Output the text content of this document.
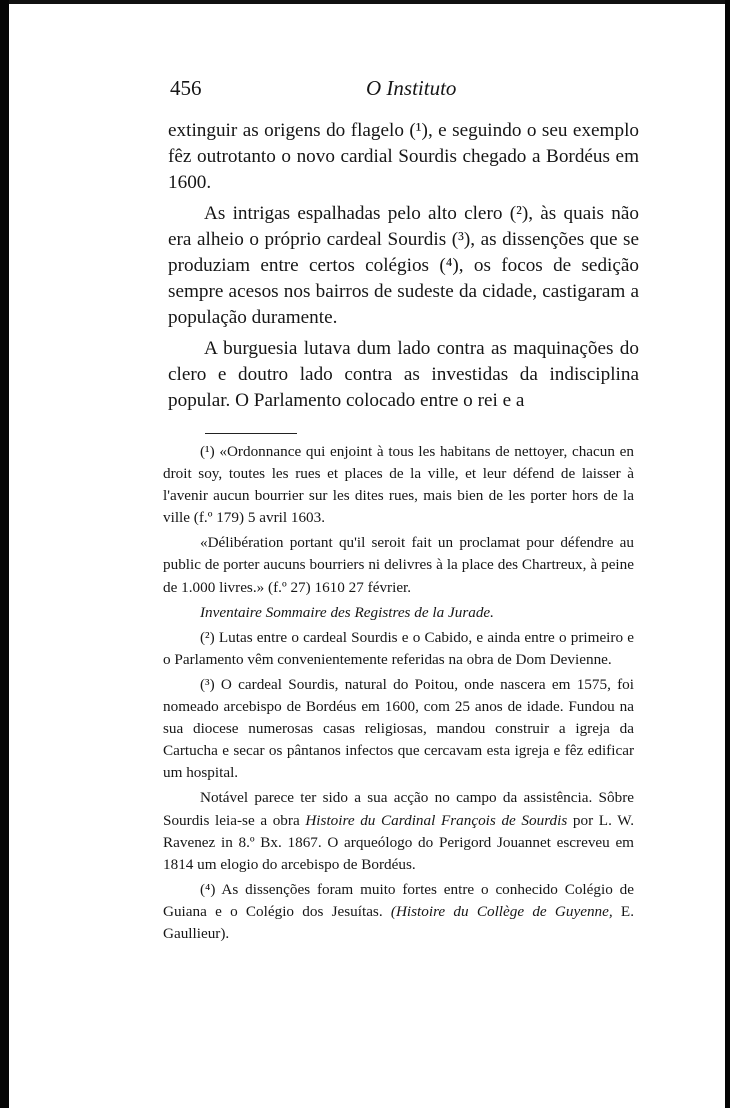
456	O Instituto

extinguir as origens do flagelo (¹), e seguindo o seu exemplo fêz outrotanto o novo cardial Sourdis chegado a Bordéus em 1600.

As intrigas espalhadas pelo alto clero (²), às quais não era alheio o próprio cardeal Sourdis (³), as dissenções que se produziam entre certos colégios (⁴), os focos de sedição sempre acesos nos bairros de sudeste da cidade, castigaram a população duramente.

A burguesia lutava dum lado contra as maquinações do clero e doutro lado contra as investidas da indisciplina popular. O Parlamento colocado entre o rei e a

(¹) «Ordonnance qui enjoint à tous les habitans de nettoyer, chacun en droit soy, toutes les rues et places de la ville, et leur défend de laisser à l'avenir aucun bourrier sur les dites rues, mais bien de les porter hors de la ville (f.º 179) 5 avril 1603.

«Délibération portant qu'il seroit fait un proclamat pour défendre au public de porter aucuns bourriers ni delivres à la place des Chartreux, à peine de 1.000 livres.» (f.º 27) 1610 27 février.

Inventaire Sommaire des Registres de la Jurade.

(²) Lutas entre o cardeal Sourdis e o Cabido, e ainda entre o primeiro e o Parlamento vêm convenientemente referidas na obra de Dom Devienne.

(³) O cardeal Sourdis, natural do Poitou, onde nascera em 1575, foi nomeado arcebispo de Bordéus em 1600, com 25 anos de idade. Fundou na sua diocese numerosas casas religiosas, mandou construir a igreja da Cartucha e secar os pântanos infectos que cercavam esta igreja e fêz edificar um hospital.

Notável parece ter sido a sua acção no campo da assistência. Sôbre Sourdis leia-se a obra Histoire du Cardinal François de Sourdis por L. W. Ravenez in 8.º Bx. 1867. O arqueólogo do Perigord Jouannet escreveu em 1814 um elogio do arcebispo de Bordéus.

(⁴) As dissenções foram muito fortes entre o conhecido Colégio de Guiana e o Colégio dos Jesuítas. (Histoire du Collège de Guyenne, E. Gaullieur).
